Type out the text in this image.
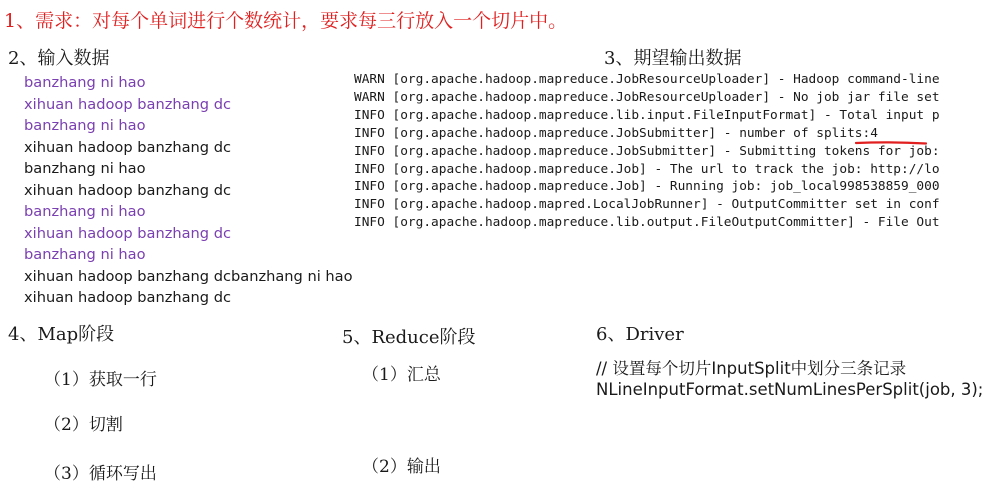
1、需求：对每个单词进行个数统计，要求每三行放入一个切片中。
2、输入数据
banzhang ni hao
xihuan hadoop banzhang dc
banzhang ni hao
xihuan hadoop banzhang dc
banzhang ni hao
xihuan hadoop banzhang dc
banzhang ni hao
xihuan hadoop banzhang dc
banzhang ni hao
xihuan hadoop banzhang dcbanzhang ni hao
xihuan hadoop banzhang dc
3、期望输出数据
WARN [org.apache.hadoop.mapreduce.JobResourceUploader] - Hadoop command-line
WARN [org.apache.hadoop.mapreduce.JobResourceUploader] - No job jar file set
INFO [org.apache.hadoop.mapreduce.lib.input.FileInputFormat] - Total input p
INFO [org.apache.hadoop.mapreduce.JobSubmitter] - number of splits:4
INFO [org.apache.hadoop.mapreduce.JobSubmitter] - Submitting tokens for job:
INFO [org.apache.hadoop.mapreduce.Job] - The url to track the job: http://lo
INFO [org.apache.hadoop.mapreduce.Job] - Running job: job_local998538859_000
INFO [org.apache.hadoop.mapred.LocalJobRunner] - OutputCommitter set in conf
INFO [org.apache.hadoop.mapreduce.lib.output.FileOutputCommitter] - File Out
4、Map阶段
（1）获取一行
（2）切割
（3）循环写出
5、Reduce阶段
（1）汇总
（2）输出
6、Driver
// 设置每个切片InputSplit中划分三条记录
NLineInputFormat.setNumLinesPerSplit(job, 3);
